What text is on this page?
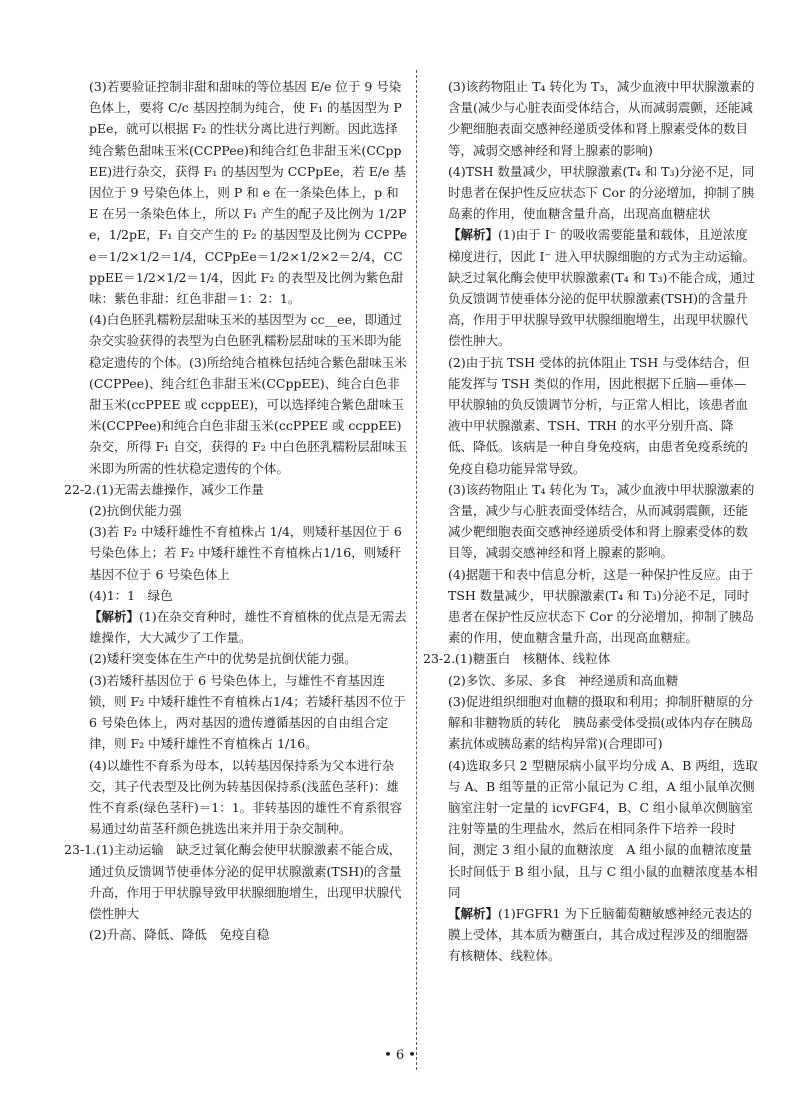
(3)若要验证控制非甜和甜味的等位基因 E/e 位于 9 号染色体上，要将 C/c 基因控制为纯合，使 F₁ 的基因型为 PpEe，就可以根据 F₂ 的性状分离比进行判断。因此选择纯合紫色甜味玉米(CCPPee)和纯合红色非甜玉米(CCppEE)进行杂交，获得 F₁ 的基因型为 CCPpEe，若 E/e 基因位于 9 号染色体上，则 P 和 e 在一条染色体上，p 和 E 在另一条染色体上，所以 F₁ 产生的配子及比例为 1/2Pe，1/2pE，F₁ 自交产生的 F₂ 的基因型及比例为 CCPPee＝1/2×1/2＝1/4，CCPpEe＝1/2×1/2×2＝2/4，CCppEE＝1/2×1/2＝1/4，因此 F₂ 的表型及比例为紫色甜味：紫色非甜：红色非甜＝1：2：1。
(4)白色胚乳糯粉层甜味玉米的基因型为 cc__ee，即通过杂交实验获得的表型为白色胚乳糯粉层甜味的玉米即为能稳定遗传的个体。(3)所给纯合植株包括纯合紫色甜味玉米(CCPPee)、纯合红色非甜玉米(CCppEE)、纯合白色非甜玉米(ccPPEE 或 ccppEE)，可以选择纯合紫色甜味玉米(CCPPee)和纯合白色非甜玉米(ccPPEE 或 ccppEE)杂交，所得 F₁ 自交，获得的 F₂ 中白色胚乳糯粉层甜味玉米即为所需的性状稳定遗传的个体。
22-2.(1)无需去雄操作，减少工作量
(2)抗倒伏能力强
(3)若 F₂ 中矮秆雄性不育植株占 1/4，则矮秆基因位于 6 号染色体上；若 F₂ 中矮秆雄性不育植株占1/16，则矮秆基因不位于 6 号染色体上
(4)1：1　绿色
【解析】(1)在杂交育种时，雄性不育植株的优点是无需去雄操作，大大减少了工作量。
(2)矮秆突变体在生产中的优势是抗倒伏能力强。
(3)若矮秆基因位于 6 号染色体上，与雄性不育基因连锁，则 F₂ 中矮秆雄性不育植株占1/4；若矮秆基因不位于 6 号染色体上，两对基因的遗传遵循基因的自由组合定律，则 F₂ 中矮秆雄性不育植株占 1/16。
(4)以雄性不育系为母本，以转基因保持系为父本进行杂交，其子代表型及比例为转基因保持系(浅蓝色茎秆)：雄性不育系(绿色茎秆)＝1：1。非转基因的雄性不育系很容易通过幼苗茎秆颜色挑选出来并用于杂交制种。
23-1.(1)主动运输　缺乏过氧化酶会使甲状腺激素不能合成，通过负反馈调节使垂体分泌的促甲状腺激素(TSH)的含量升高，作用于甲状腺导致甲状腺细胞增生，出现甲状腺代偿性肿大
(2)升高、降低、降低　免疫自稳
(3)该药物阻止 T₄ 转化为 T₃，减少血液中甲状腺激素的含量(减少与心脏表面受体结合，从而减弱震颤，还能减少靶细胞表面交感神经递质受体和肾上腺素受体的数目等，减弱交感神经和肾上腺素的影响)
(4)TSH 数量减少，甲状腺激素(T₄ 和 T₃)分泌不足，同时患者在保护性反应状态下 Cor 的分泌增加，抑制了胰岛素的作用，使血糖含量升高，出现高血糖症状
【解析】(1)由于 I⁻ 的吸收需要能量和载体，且逆浓度梯度进行，因此 I⁻ 进入甲状腺细胞的方式为主动运输。缺乏过氧化酶会使甲状腺激素(T₄ 和 T₃)不能合成，通过负反馈调节使垂体分泌的促甲状腺激素(TSH)的含量升高，作用于甲状腺导致甲状腺细胞增生，出现甲状腺代偿性肿大。
(2)由于抗 TSH 受体的抗体阻止 TSH 与受体结合，但能发挥与 TSH 类似的作用，因此根据下丘脑—垂体—甲状腺轴的负反馈调节分析，与正常人相比，该患者血液中甲状腺激素、TSH、TRH 的水平分别升高、降低、降低。该病是一种自身免疫病，由患者免疫系统的免疫自稳功能异常导致。
(3)该药物阻止 T₄ 转化为 T₃，减少血液中甲状腺激素的含量，减少与心脏表面受体结合，从而减弱震颤，还能减少靶细胞表面交感神经递质受体和肾上腺素受体的数目等，减弱交感神经和肾上腺素的影响。
(4)据题干和表中信息分析，这是一种保护性反应。由于 TSH 数量减少，甲状腺激素(T₄ 和 T₃)分泌不足，同时患者在保护性反应状态下 Cor 的分泌增加，抑制了胰岛素的作用，使血糖含量升高，出现高血糖症。
23-2.(1)糖蛋白　核糖体、线粒体
(2)多饮、多尿、多食　神经递质和高血糖
(3)促进组织细胞对血糖的摄取和利用；抑制肝糖原的分解和非糖物质的转化　胰岛素受体受损(或体内存在胰岛素抗体或胰岛素的结构异常)(合理即可)
(4)选取多只 2 型糖尿病小鼠平均分成 A、B 两组，选取与 A、B 组等量的正常小鼠记为 C 组，A 组小鼠单次侧脑室注射一定量的 icvFGF4，B、C 组小鼠单次侧脑室注射等量的生理盐水，然后在相同条件下培养一段时间，测定 3 组小鼠的血糖浓度　A 组小鼠的血糖浓度量长时间低于 B 组小鼠，且与 C 组小鼠的血糖浓度基本相同
【解析】(1)FGFR1 为下丘脑葡萄糖敏感神经元表达的膜上受体，其本质为糖蛋白，其合成过程涉及的细胞器有核糖体、线粒体。
• 6 •
